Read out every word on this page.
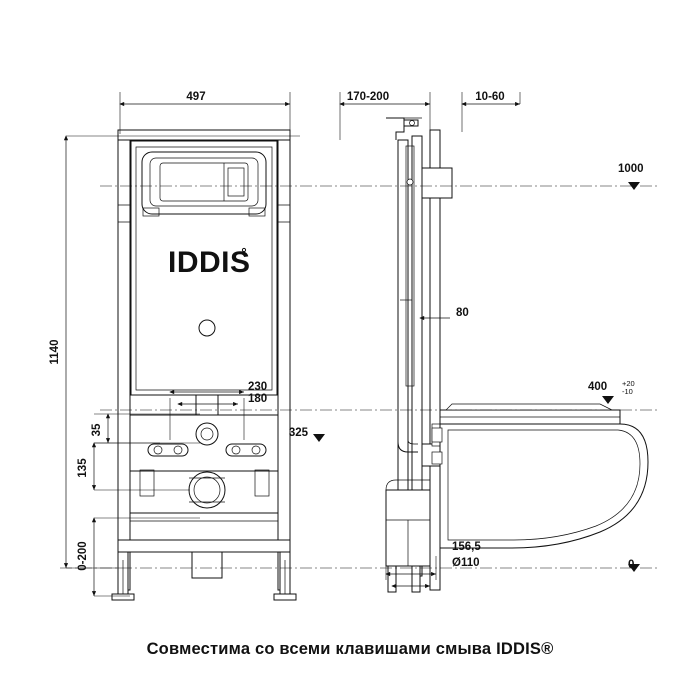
IDDIS
497	170-200	10-60
1140
35
135
0-200
230
180
80
1000
400 +20
-10
0
325
156,5
Ø110
Совместима со всеми клавишами смыва IDDIS®
